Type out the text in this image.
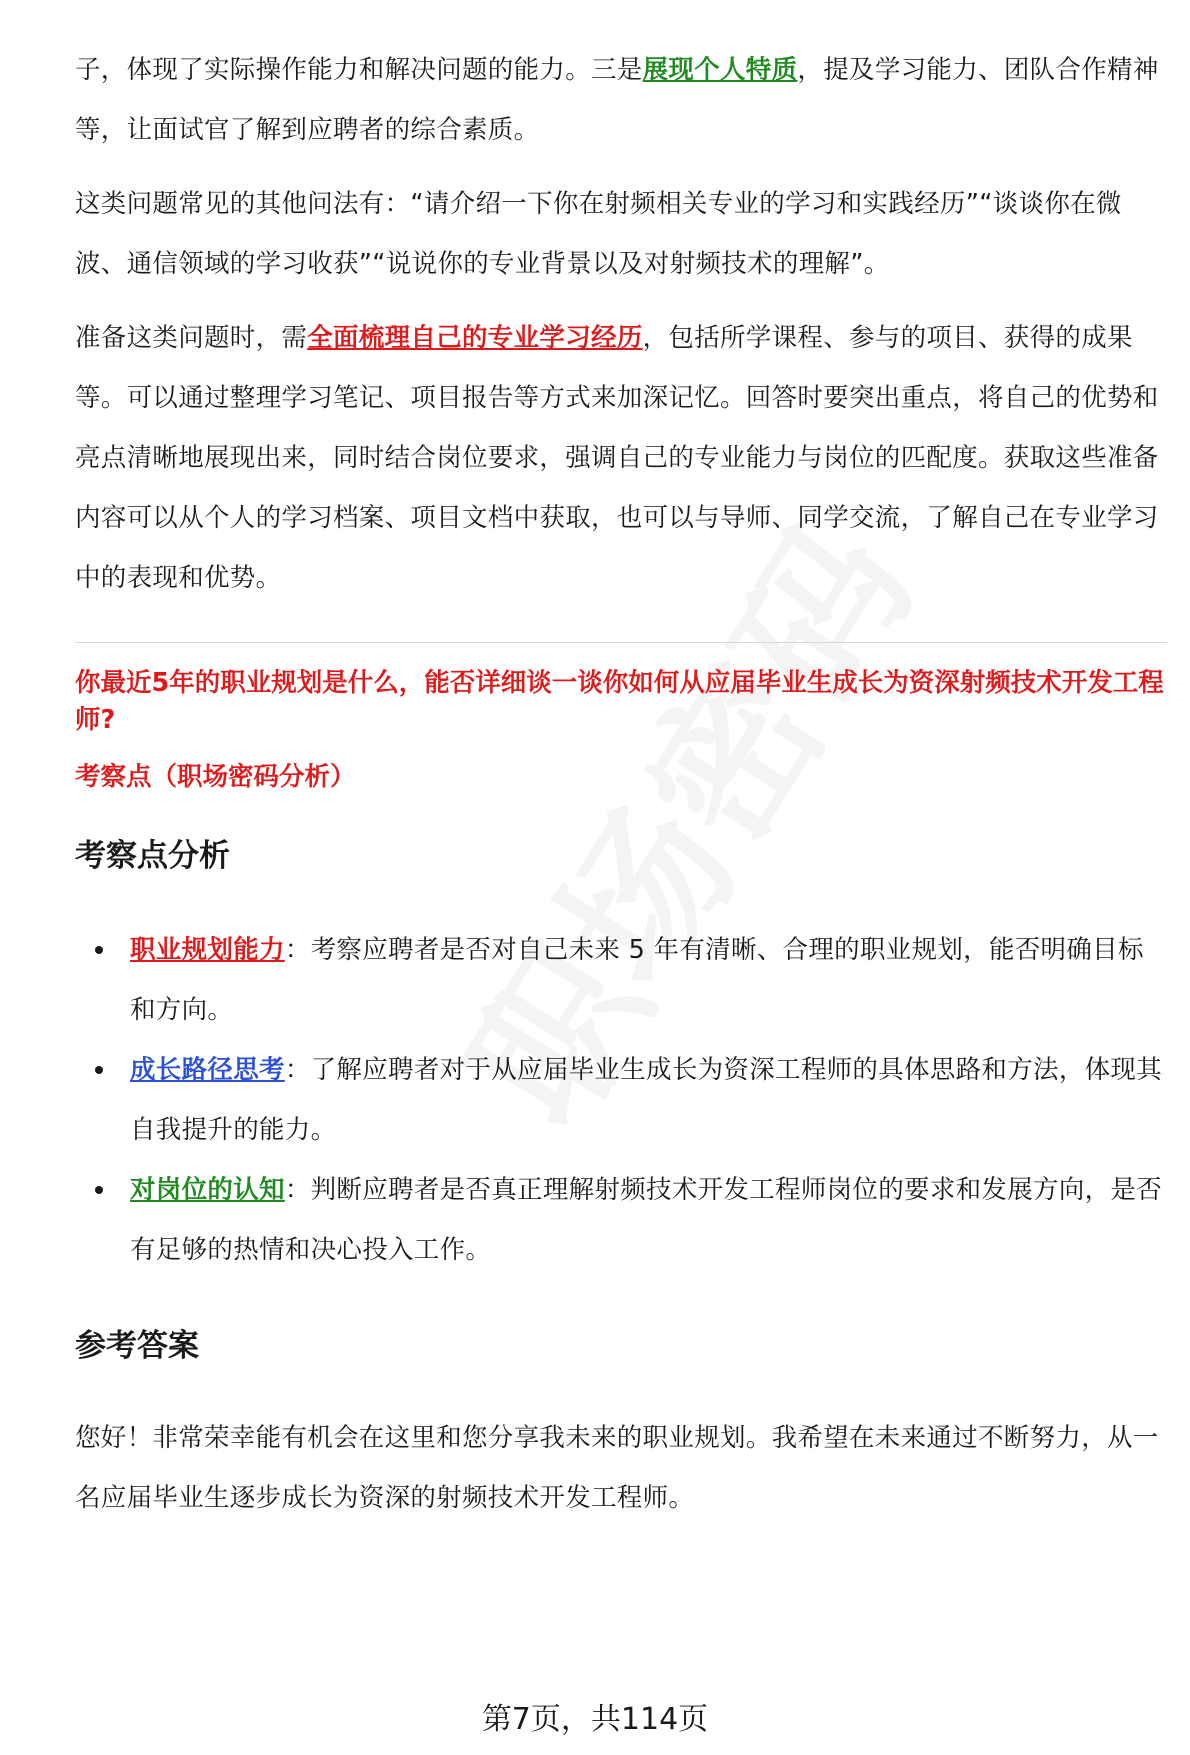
子，体现了实际操作能力和解决问题的能力。三是展现个人特质，提及学习能力、团队合作精神等，让面试官了解到应聘者的综合素质。

这类问题常见的其他问法有：“请介绍一下你在射频相关专业的学习和实践经历”“谈谈你在微波、通信领域的学习收获”“说说你的专业背景以及对射频技术的理解”。

准备这类问题时，需全面梳理自己的专业学习经历，包括所学课程、参与的项目、获得的成果等。可以通过整理学习笔记、项目报告等方式来加深记忆。回答时要突出重点，将自己的优势和亮点清晰地展现出来，同时结合岗位要求，强调自己的专业能力与岗位的匹配度。获取这些准备内容可以从个人的学习档案、项目文档中获取，也可以与导师、同学交流，了解自己在专业学习中的表现和优势。

你最近5年的职业规划是什么，能否详细谈一谈你如何从应届毕业生成长为资深射频技术开发工程师?

考察点（职场密码分析）

考察点分析
职业规划能力：考察应聘者是否对自己未来 5 年有清晰、合理的职业规划，能否明确目标和方向。
成长路径思考：了解应聘者对于从应届毕业生成长为资深工程师的具体思路和方法，体现其自我提升的能力。
对岗位的认知：判断应聘者是否真正理解射频技术开发工程师岗位的要求和发展方向，是否有足够的热情和决心投入工作。
参考答案

您好！非常荣幸能有机会在这里和您分享我未来的职业规划。我希望在未来通过不断努力，从一名应届毕业生逐步成长为资深的射频技术开发工程师。

第7页，共114页
